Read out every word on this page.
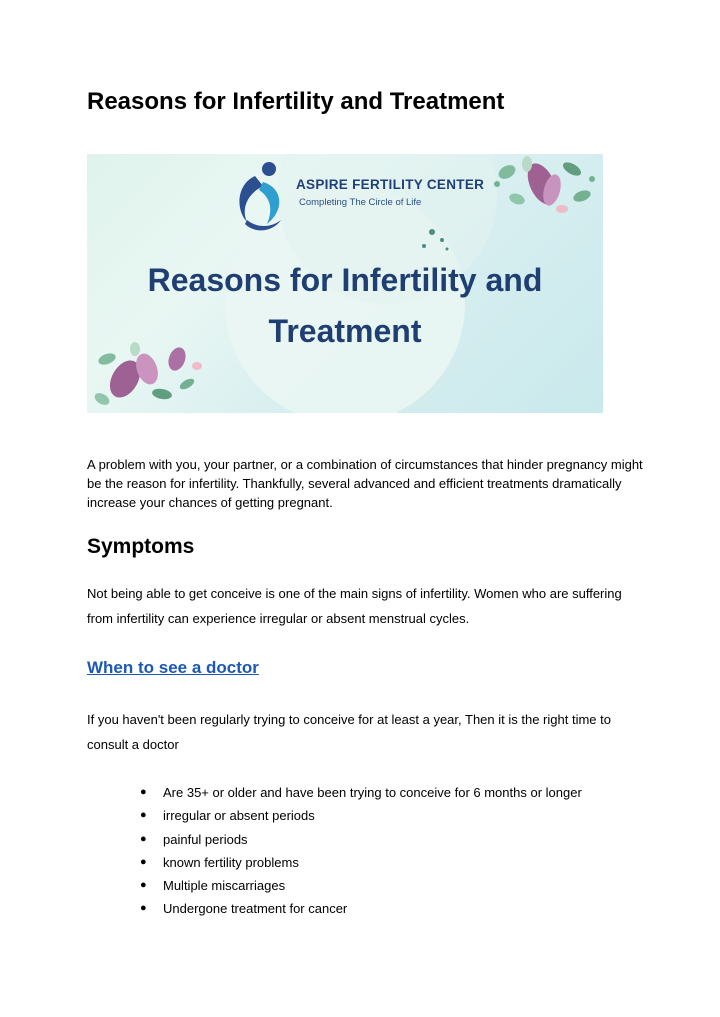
Reasons for Infertility and Treatment
ASPIRE FERTILITY CENTER
Completing The Circle of Life
Reasons for Infertility and
Treatment

A problem with you, your partner, or a combination of circumstances that hinder pregnancy might be the reason for infertility. Thankfully, several advanced and efficient treatments dramatically increase your chances of getting pregnant.

Symptoms

Not being able to get conceive is one of the main signs of infertility. Women who are suffering from infertility can experience irregular or absent menstrual cycles.

When to see a doctor

If you haven't been regularly trying to conceive for at least a year, Then it is the right time to consult a doctor

● Are 35+ or older and have been trying to conceive for 6 months or longer
● irregular or absent periods
● painful periods
● known fertility problems
● Multiple miscarriages
● Undergone treatment for cancer
